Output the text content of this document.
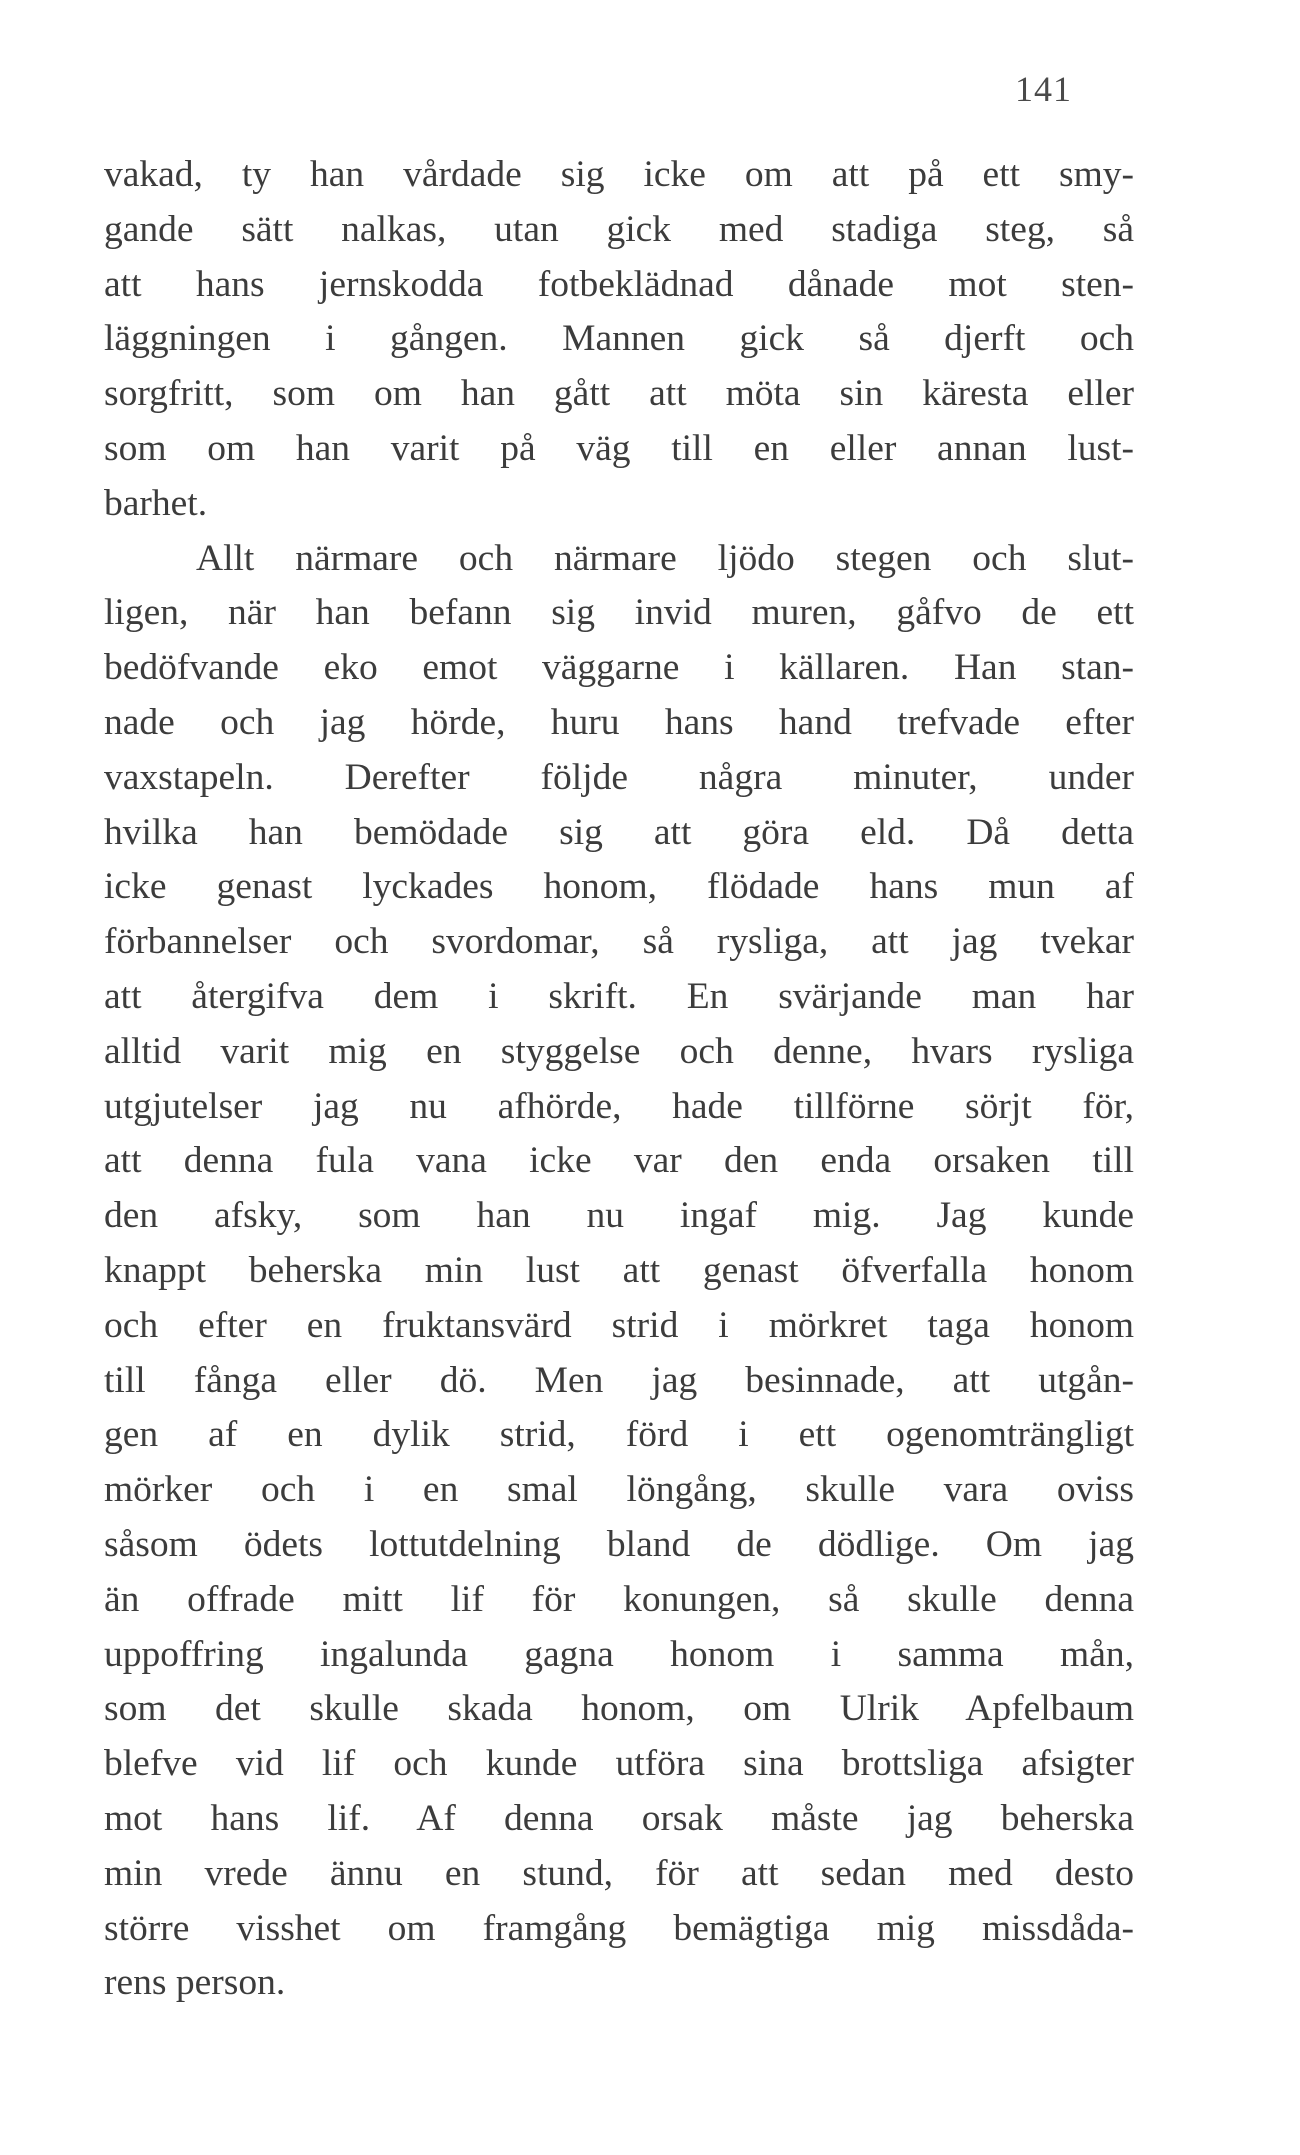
141
vakad, ty han vårdade sig icke om att på ett smy-
gande sätt nalkas, utan gick med stadiga steg, så
att hans jernskodda fotbeklädnad dånade mot sten-
läggningen i gången. Mannen gick så djerft och
sorgfritt, som om han gått att möta sin käresta eller
som om han varit på väg till en eller annan lust-
barhet.
Allt närmare och närmare ljödo stegen och slut-
ligen, när han befann sig invid muren, gåfvo de ett
bedöfvande eko emot väggarne i källaren. Han stan-
nade och jag hörde, huru hans hand trefvade efter
vaxstapeln. Derefter följde några minuter, under
hvilka han bemödade sig att göra eld. Då detta
icke genast lyckades honom, flödade hans mun af
förbannelser och svordomar, så rysliga, att jag tvekar
att återgifva dem i skrift. En svärjande man har
alltid varit mig en styggelse och denne, hvars rysliga
utgjutelser jag nu afhörde, hade tillförne sörjt för,
att denna fula vana icke var den enda orsaken till
den afsky, som han nu ingaf mig. Jag kunde
knappt beherska min lust att genast öfverfalla honom
och efter en fruktansvärd strid i mörkret taga honom
till fånga eller dö. Men jag besinnade, att utgån-
gen af en dylik strid, förd i ett ogenomträngligt
mörker och i en smal löngång, skulle vara oviss
såsom ödets lottutdelning bland de dödlige. Om jag
än offrade mitt lif för konungen, så skulle denna
uppoffring ingalunda gagna honom i samma mån,
som det skulle skada honom, om Ulrik Apfelbaum
blefve vid lif och kunde utföra sina brottsliga afsigter
mot hans lif. Af denna orsak måste jag beherska
min vrede ännu en stund, för att sedan med desto
större visshet om framgång bemägtiga mig missdåda-
rens person.
